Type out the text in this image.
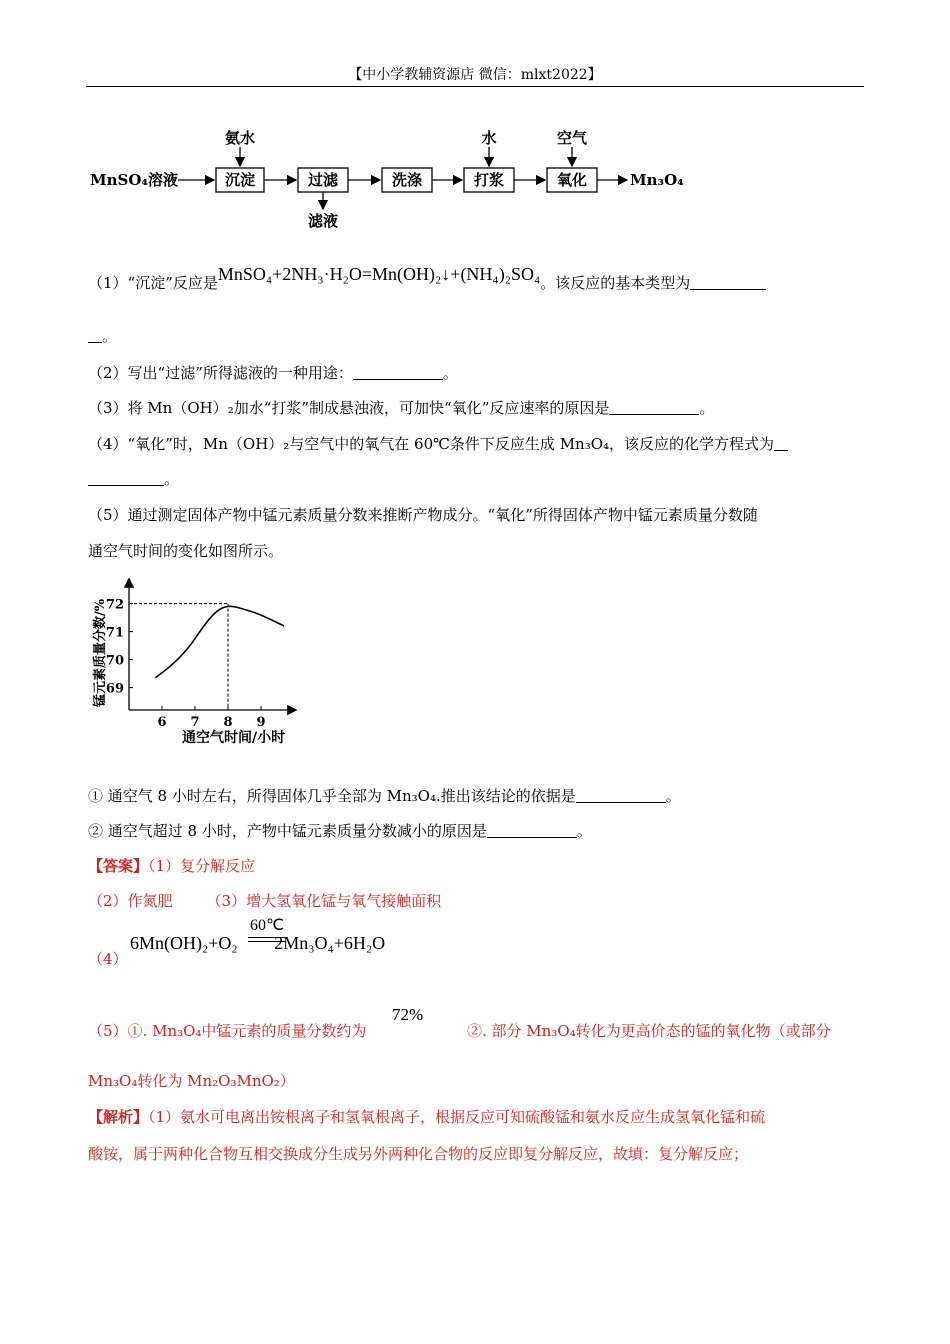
【中小学教辅资源店 微信：mlxt2022】
MnSO₄溶液	沉淀	过滤	洗涤	打浆	氧化	Mn₃O₄
氨水
滤液
水	空气
（1）“沉淀”反应是MnSO₄+2NH₃·H₂O=Mn(OH)₂↓+(NH₄)₂SO₄。该反应的基本类型为
。
（2）写出“过滤”所得滤液的一种用途：	。
（3）将 Mn（OH）₂加水“打浆”制成悬浊液，可加快“氧化”反应速率的原因是	。
（4）“氧化”时，Mn（OH）₂与空气中的氧气在 60℃条件下反应生成 Mn₃O₄，该反应的化学方程式为
。
（5）通过测定固体产物中锰元素质量分数来推断产物成分。“氧化”所得固体产物中锰元素质量分数随
通空气时间的变化如图所示。
锰元素质量分数/%
6 7 8 9
69
70
71
72
通空气时间/小时
① 通空气 8 小时左右，所得固体几乎全部为 Mn₃O₄.推出该结论的依据是	。
② 通空气超过 8 小时，产物中锰元素质量分数减小的原因是	。
【答案】（1）复分解反应
（2）作氮肥 （3）增大氢氧化锰与氧气接触面积
（4）
60℃
6Mn(OH)₂+O₂ 2Mn₃O₄+6H₂O
72%
（5）①. Mn₃O₄中锰元素的质量分数约为	②. 部分 Mn₃O₄转化为更高价态的锰的氧化物（或部分
Mn₃O₄转化为 Mn₂O₃MnO₂）
【解析】（1）氨水可电离出铵根离子和氢氧根离子，根据反应可知硫酸锰和氨水反应生成氢氧化锰和硫
酸铵，属于两种化合物互相交换成分生成另外两种化合物的反应即复分解反应，故填：复分解反应；
